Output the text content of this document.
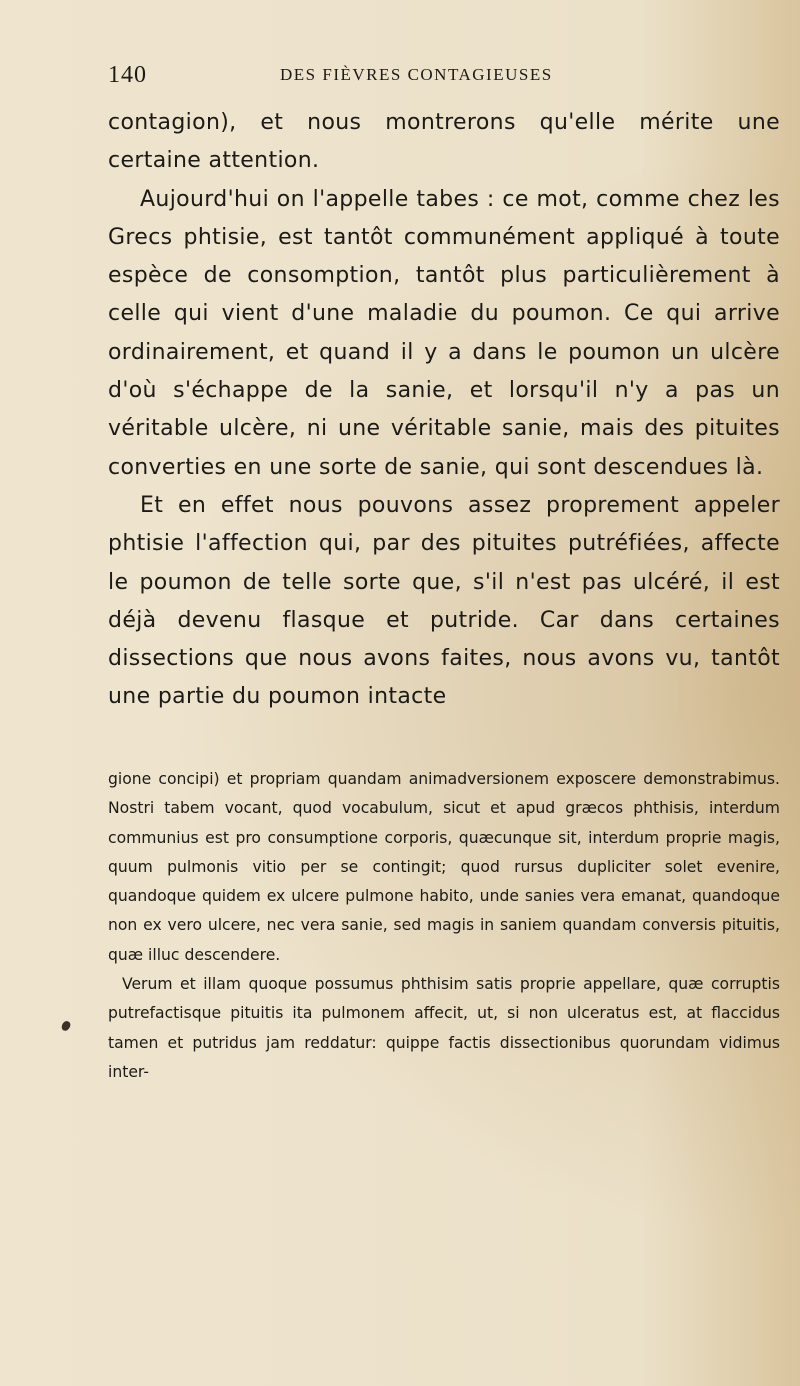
140	DES FIÈVRES CONTAGIEUSES

contagion), et nous montrerons qu'elle mérite une certaine attention.

Aujourd'hui on l'appelle tabes : ce mot, comme chez les Grecs phtisie, est tantôt communément appliqué à toute espèce de consomption, tantôt plus particulièrement à celle qui vient d'une maladie du poumon. Ce qui arrive ordinairement, et quand il y a dans le poumon un ulcère d'où s'échappe de la sanie, et lorsqu'il n'y a pas un véritable ulcère, ni une véritable sanie, mais des pituites converties en une sorte de sanie, qui sont descendues là.

Et en effet nous pouvons assez proprement appeler phtisie l'affection qui, par des pituites putréfiées, affecte le poumon de telle sorte que, s'il n'est pas ulcéré, il est déjà devenu flasque et putride. Car dans certaines dissections que nous avons faites, nous avons vu, tantôt une partie du poumon intacte

gione concipi) et propriam quandam animadversionem exposcere demonstrabimus. Nostri tabem vocant, quod vocabulum, sicut et apud græcos phthisis, interdum communius est pro consumptione corporis, quæcunque sit, interdum proprie magis, quum pulmonis vitio per se contingit; quod rursus dupliciter solet evenire, quandoque quidem ex ulcere pulmone habito, unde sanies vera emanat, quandoque non ex vero ulcere, nec vera sanie, sed magis in saniem quandam conversis pituitis, quæ illuc descendere.

Verum et illam quoque possumus phthisim satis proprie appellare, quæ corruptis putrefactisque pituitis ita pulmonem affecit, ut, si non ulceratus est, at flaccidus tamen et putridus jam reddatur: quippe factis dissectionibus quorundam vidimus inter-
